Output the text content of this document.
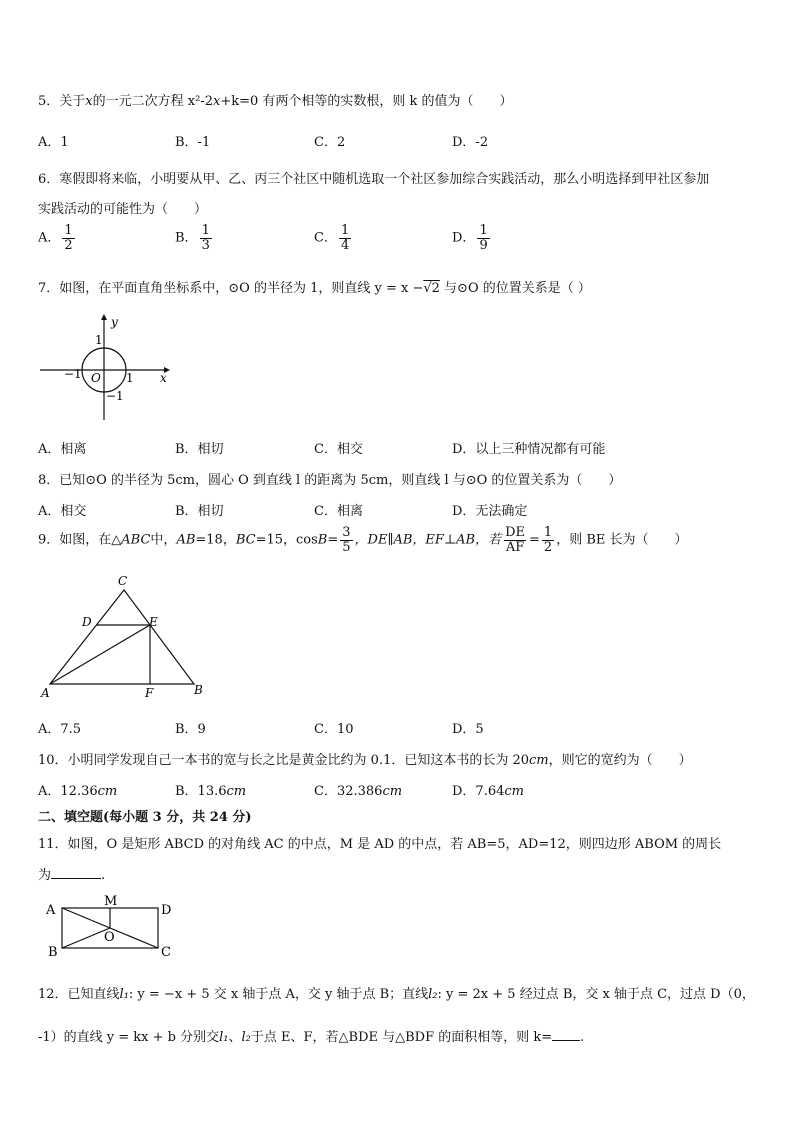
5．关于x的一元二次方程 x²-2x+k=0 有两个相等的实数根，则 k 的值为（　　）
A．1	B．-1	C．2	D．-2
6．寒假即将来临，小明要从甲、乙、丙三个社区中随机选取一个社区参加综合实践活动，那么小明选择到甲社区参加
实践活动的可能性为（　　）
A． $\frac{1}{2}$	B． $\frac{1}{3}$	C． $\frac{1}{4}$	D． $\frac{1}{9}$
7．如图，在平面直角坐标系中，⊙O 的半径为 1，则直线 y = x −√2 与⊙O 的位置关系是（ ）
y
x
O
1
1
−1
−1
A．相离	B．相切	C．相交	D．以上三种情况都有可能
8．已知⊙O 的半径为 5cm，圆心 O 到直线 l 的距离为 5cm，则直线 l 与⊙O 的位置关系为（　　）
A．相交	B．相切	C．相离	D．无法确定
9．如图，在△ABC中，AB=18，BC=15，$\cos B= \frac{3}{5}$ ，DE∥AB，EF⊥AB，若 $\frac{DE}{AF} = \frac{1}{2}$ ，则 BE 长为（　　）
C
D	E
A	F	B
A．7.5	B．9	C．10	D．5
10．小明同学发现自己一本书的宽与长之比是黄金比约为 0.1．已知这本书的长为 20cm，则它的宽约为（　　）
A．12.36cm	B．13.6cm	C．32.386cm	D．7.64cm
二、填空题(每小题 3 分，共 24 分)
11．如图，O 是矩形 ABCD 的对角线 AC 的中点，M 是 AD 的中点，若 AB=5，AD=12，则四边形 ABOM 的周长
为	.
A
M
D
O
B	C
12．已知直线l₁: y = −x + 5 交 x 轴于点 A，交 y 轴于点 B；直线l₂: y = 2x + 5 经过点 B，交 x 轴于点 C，过点 D（0，
-1）的直线 y = kx + b 分别交l₁、l₂于点 E、F，若△BDE 与△BDF 的面积相等，则 k= .
